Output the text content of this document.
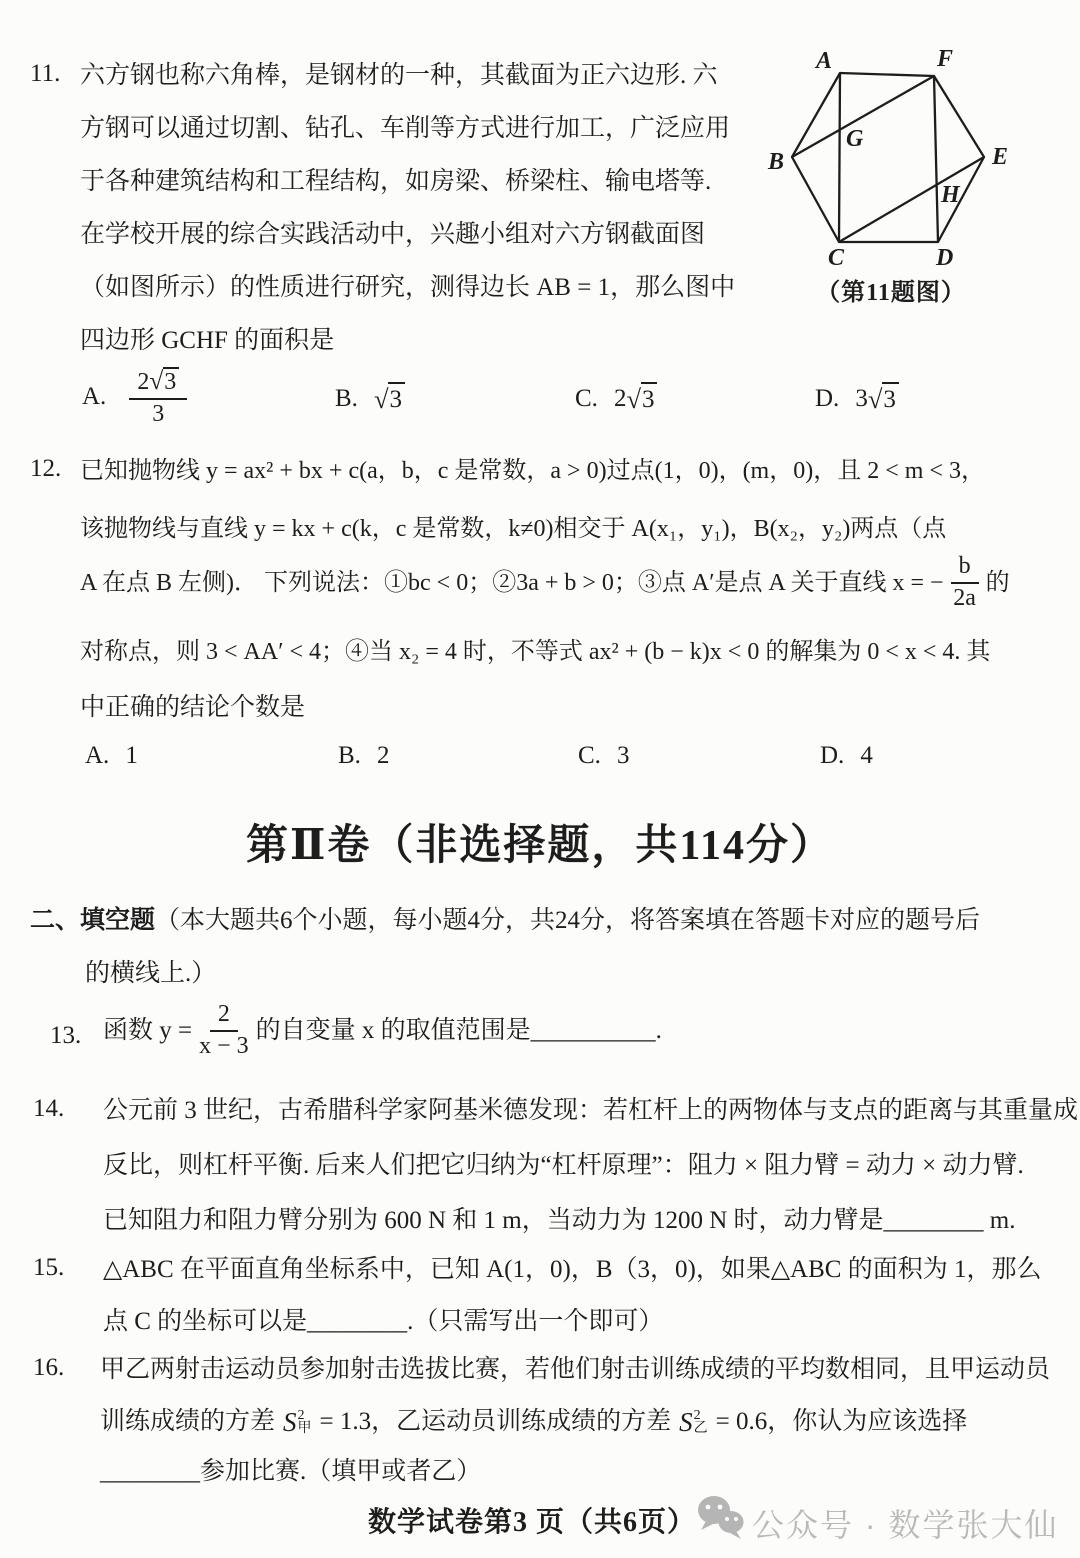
11. 六方钢也称六角棒，是钢材的一种，其截面为正六边形. 六
方钢可以通过切割、钻孔、车削等方式进行加工，广泛应用
于各种建筑结构和工程结构，如房梁、桥梁柱、输电塔等.
在学校开展的综合实践活动中，兴趣小组对六方钢截面图
（如图所示）的性质进行研究，测得边长 AB = 1，那么图中
四边形 GCHF 的面积是
A	F
B	E
C	D
G
H
（第11题图）
A. $\frac{2√3}{3}$	B. √ 3	C. 2 √ 3	D. 3 √ 3
12. 已知抛物线 y = ax² + bx + c(a，b，c 是常数，a > 0)过点(1，0)，(m，0)，且 2 < m < 3，
该抛物线与直线 y = kx + c(k，c 是常数，k≠0)相交于 A(x₁，y₁)，B(x₂，y₂)两点（点
A 在点 B 左侧)． 下列说法：①bc < 0；②3a + b > 0；③点 A′是点 A 关于直线 x = − $\frac{b}{2a}$ 的
对称点，则 3 < AA′ < 4；④当 x₂ = 4 时，不等式 ax² + (b − k)x < 0 的解集为 0 < x < 4. 其
中正确的结论个数是
A. 1	B. 2	C. 3	D. 4
第Ⅱ卷（非选择题，共114分）
二、填空题（本大题共6个小题，每小题4分，共24分，将答案填在答题卡对应的题号后
的横线上.）
13. 函数 $y = \frac{2}{x - 3}$ 的自变量 x 的取值范围是 __________ .
14. 公元前 3 世纪，古希腊科学家阿基米德发现：若杠杆上的两物体与支点的距离与其重量成
反比，则杠杆平衡. 后来人们把它归纳为“杠杆原理”：阻力 × 阻力臂 = 动力 × 动力臂.
已知阻力和阻力臂分别为 600 N 和 1 m，当动力为 1200 N 时，动力臂是________ m.
15. △ABC 在平面直角坐标系中，已知 A(1，0)，B（3，0)，如果△ABC 的面积为 1，那么
点 C 的坐标可以是________.（只需写出一个即可）
16. 甲乙两射击运动员参加射击选拔比赛，若他们射击训练成绩的平均数相同，且甲运动员
训练成绩的方差 S 2
甲 = 1.3，乙运动员训练成绩的方差 S 2
乙 = 0.6，你认为应该选择
________参加比赛.（填甲或者乙）
数学试卷第3 页（共6页） 公众号 · 数学张大仙
